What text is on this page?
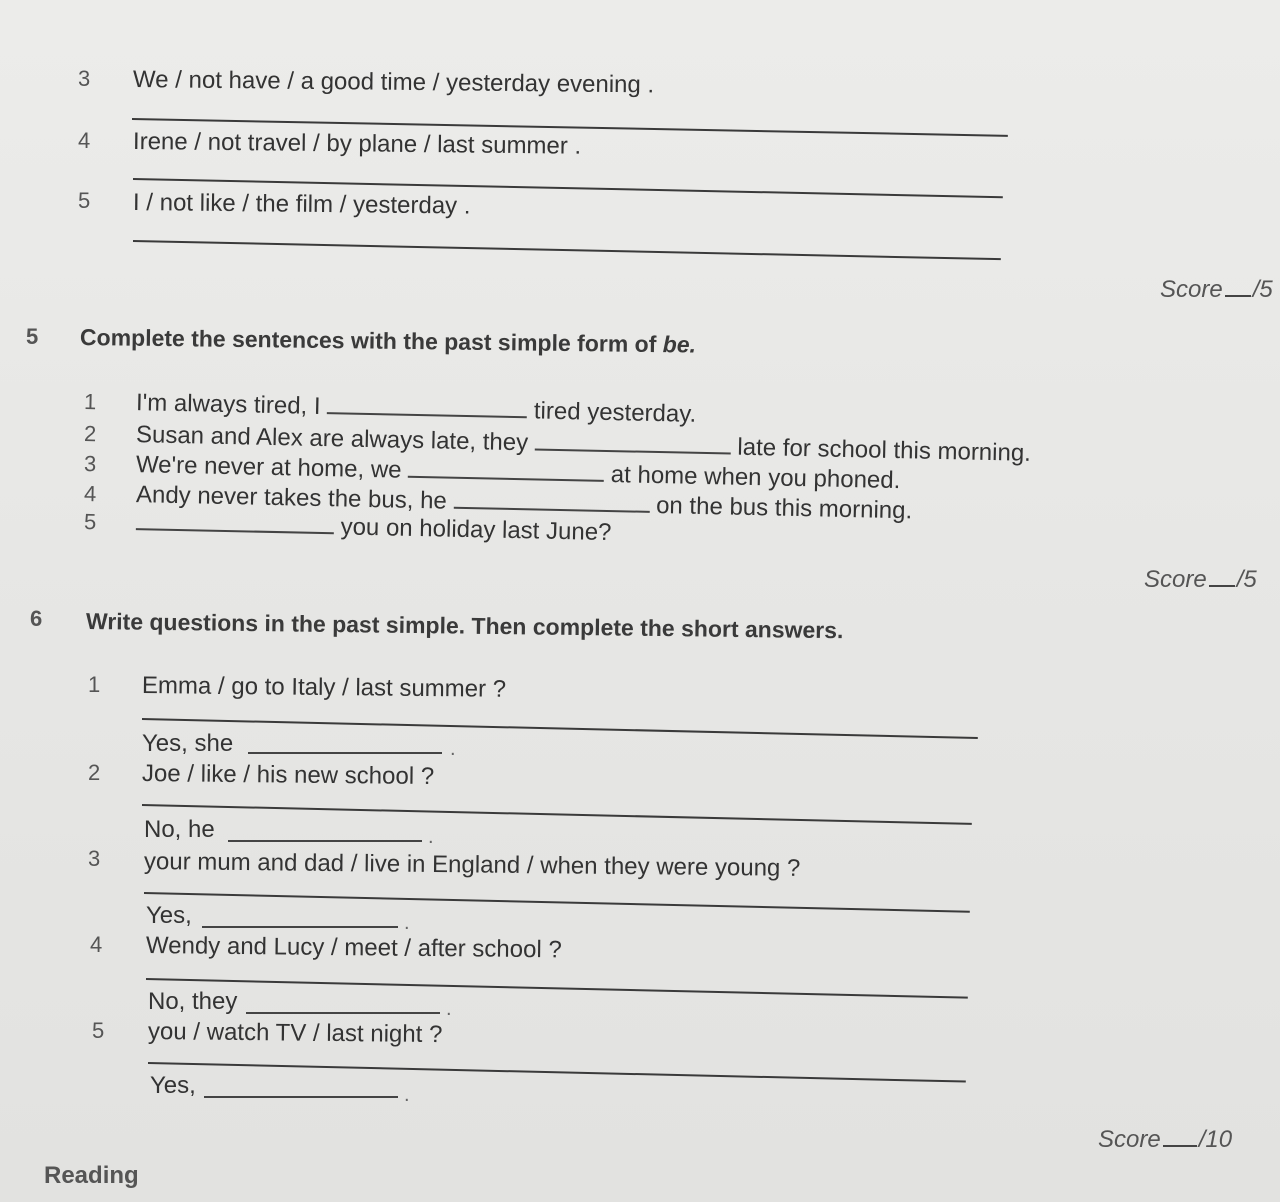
3 We / not have / a good time / yesterday evening .
4 Irene / not travel / by plane / last summer .
5 I / not like / the film / yesterday .
Score /5
5 Complete the sentences with the past simple form of be.
1 I'm always tired, I	tired yesterday.
2 Susan and Alex are always late, they	late for school this morning.
3 We're never at home, we	at home when you phoned.
4 Andy never takes the bus, he	on the bus this morning.
5	you on holiday last June?
Score /5
6 Write questions in the past simple. Then complete the short answers.
1 Emma / go to Italy / last summer ?
Yes, she	.
2 Joe / like / his new school ?
No, he	.
3 your mum and dad / live in England / when they were young ?
Yes,	.
4 Wendy and Lucy / meet / after school ?
No, they	.
5 you / watch TV / last night ?
Yes,	.
Score /10
Reading
